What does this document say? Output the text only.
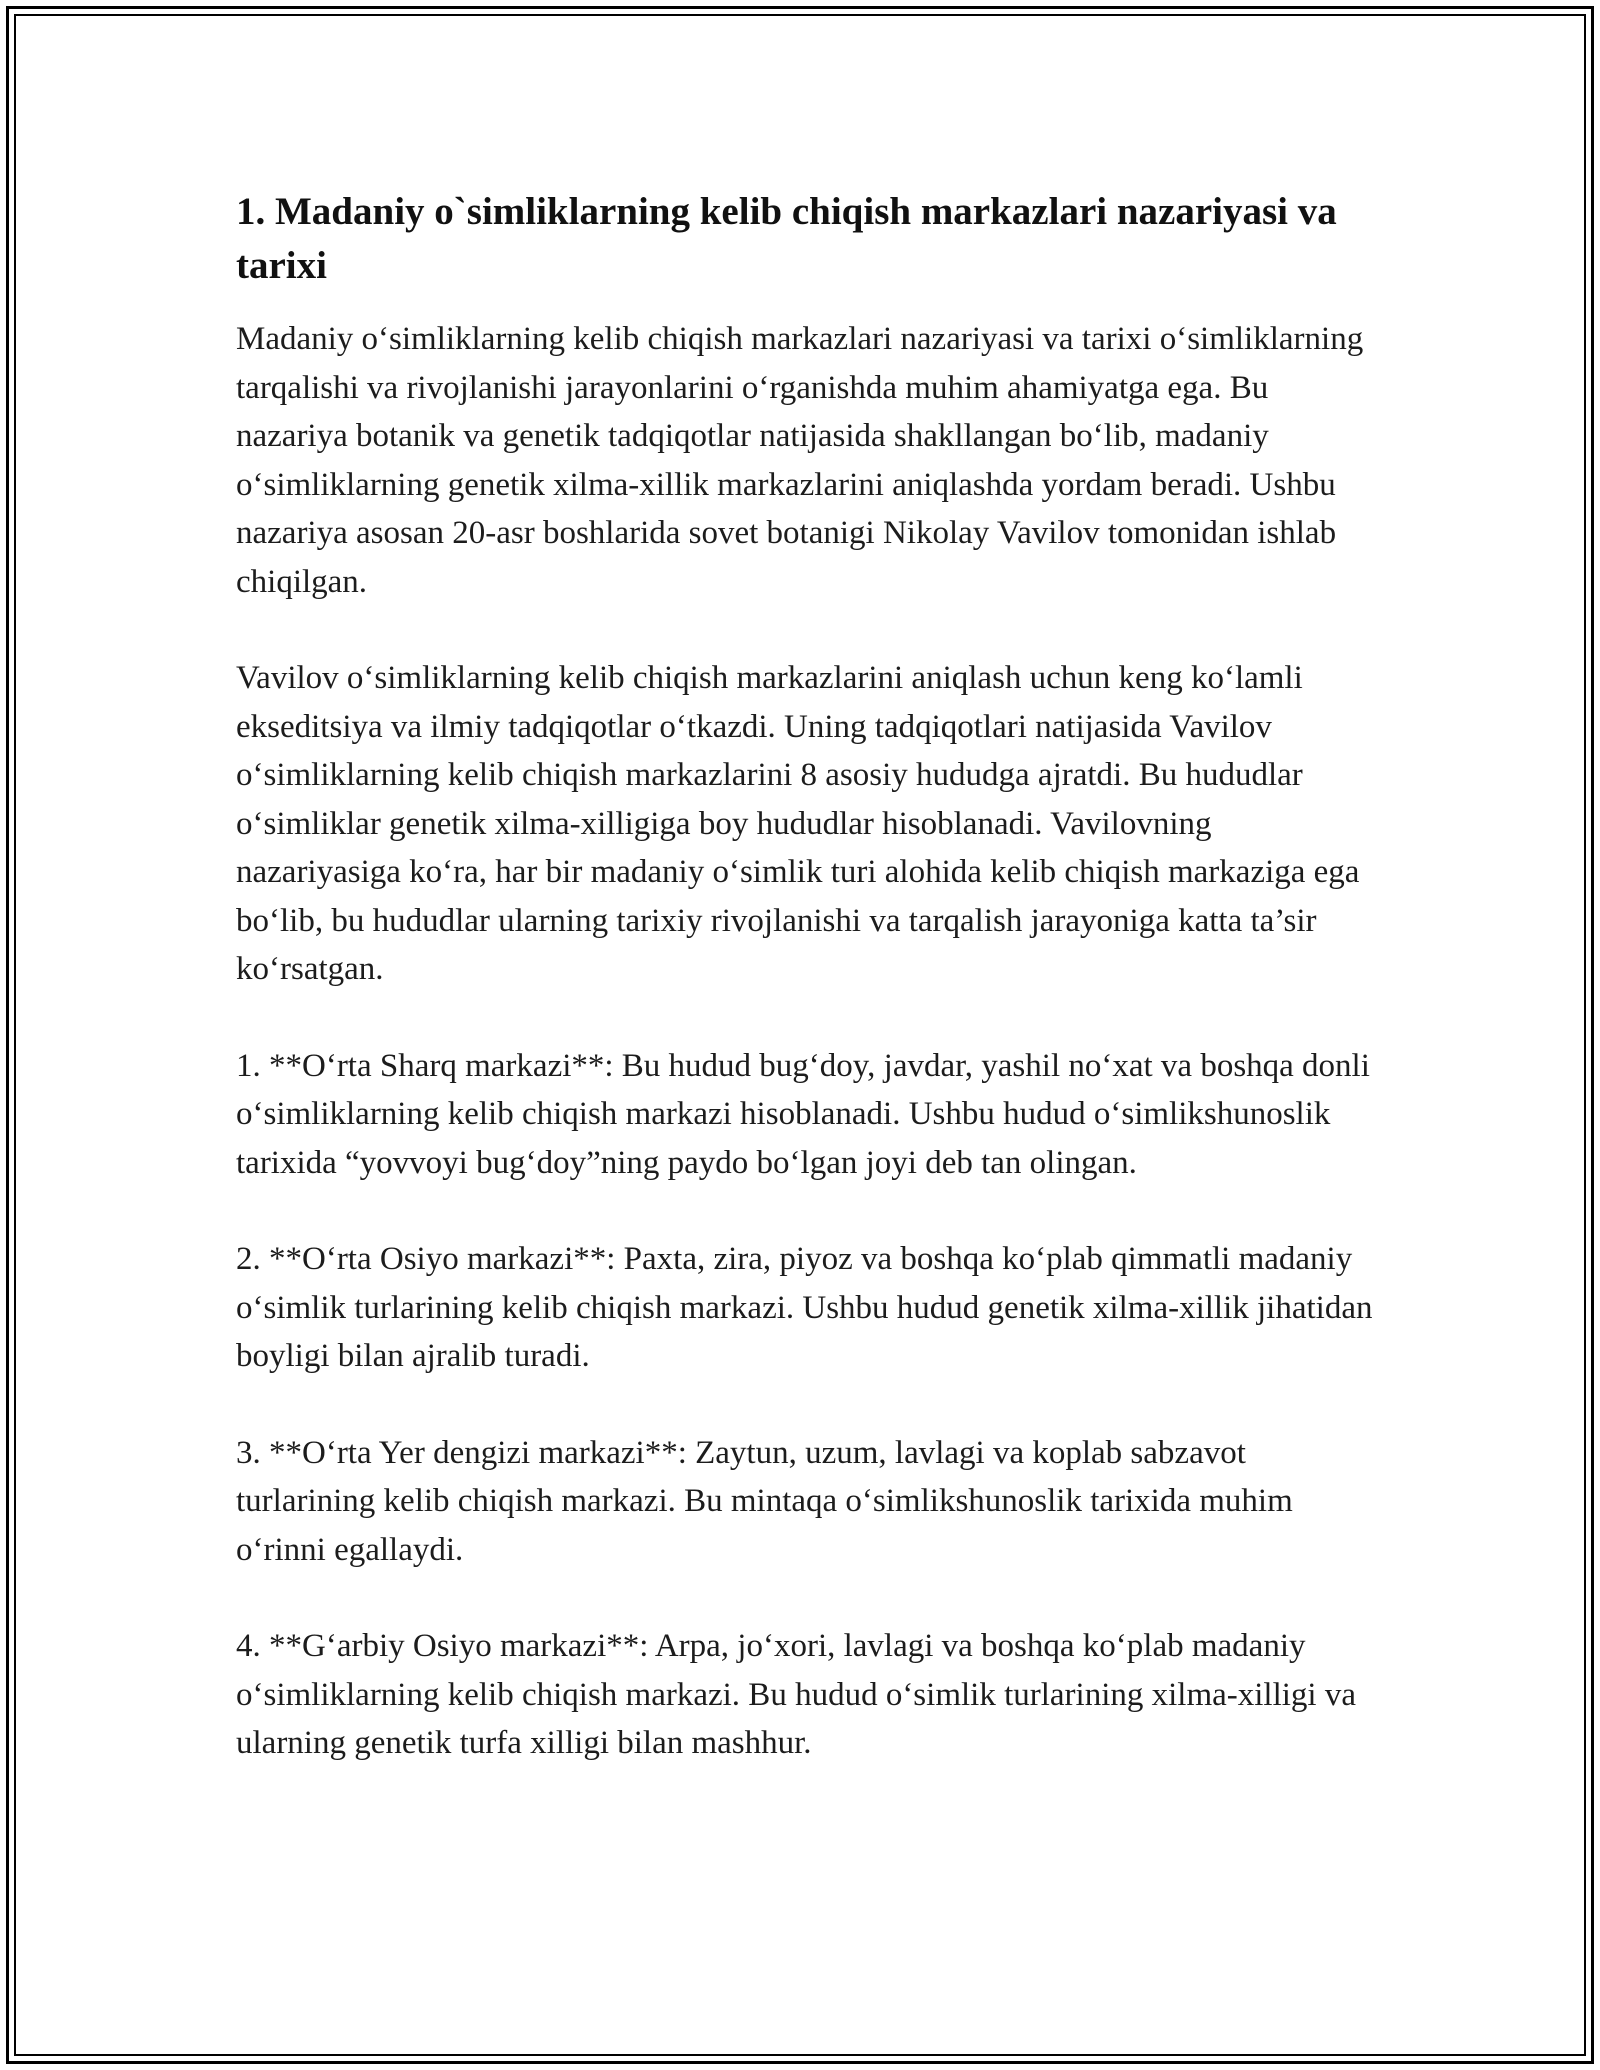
1. Madaniy o`simliklarning kelib chiqish markazlari nazariyasi va tarixi

Madaniy o‘simliklarning kelib chiqish markazlari nazariyasi va tarixi o‘simliklarning tarqalishi va rivojlanishi jarayonlarini o‘rganishda muhim ahamiyatga ega. Bu nazariya botanik va genetik tadqiqotlar natijasida shakllangan bo‘lib, madaniy o‘simliklarning genetik xilma-xillik markazlarini aniqlashda yordam beradi. Ushbu nazariya asosan 20-asr boshlarida sovet botanigi Nikolay Vavilov tomonidan ishlab chiqilgan.

Vavilov o‘simliklarning kelib chiqish markazlarini aniqlash uchun keng ko‘lamli ekseditsiya va ilmiy tadqiqotlar o‘tkazdi. Uning tadqiqotlari natijasida Vavilov o‘simliklarning kelib chiqish markazlarini 8 asosiy hududga ajratdi. Bu hududlar o‘simliklar genetik xilma-xilligiga boy hududlar hisoblanadi. Vavilovning nazariyasiga ko‘ra, har bir madaniy o‘simlik turi alohida kelib chiqish markaziga ega bo‘lib, bu hududlar ularning tarixiy rivojlanishi va tarqalish jarayoniga katta ta’sir ko‘rsatgan.

1. **O‘rta Sharq markazi**: Bu hudud bug‘doy, javdar, yashil no‘xat va boshqa donli o‘simliklarning kelib chiqish markazi hisoblanadi. Ushbu hudud o‘simlikshunoslik tarixida “yovvoyi bug‘doy”ning paydo bo‘lgan joyi deb tan olingan.

2. **O‘rta Osiyo markazi**: Paxta, zira, piyoz va boshqa ko‘plab qimmatli madaniy o‘simlik turlarining kelib chiqish markazi. Ushbu hudud genetik xilma-xillik jihatidan boyligi bilan ajralib turadi.

3. **O‘rta Yer dengizi markazi**: Zaytun, uzum, lavlagi va koplab sabzavot turlarining kelib chiqish markazi. Bu mintaqa o‘simlikshunoslik tarixida muhim o‘rinni egallaydi.

4. **G‘arbiy Osiyo markazi**: Arpa, jo‘xori, lavlagi va boshqa ko‘plab madaniy o‘simliklarning kelib chiqish markazi. Bu hudud o‘simlik turlarining xilma-xilligi va ularning genetik turfa xilligi bilan mashhur.
